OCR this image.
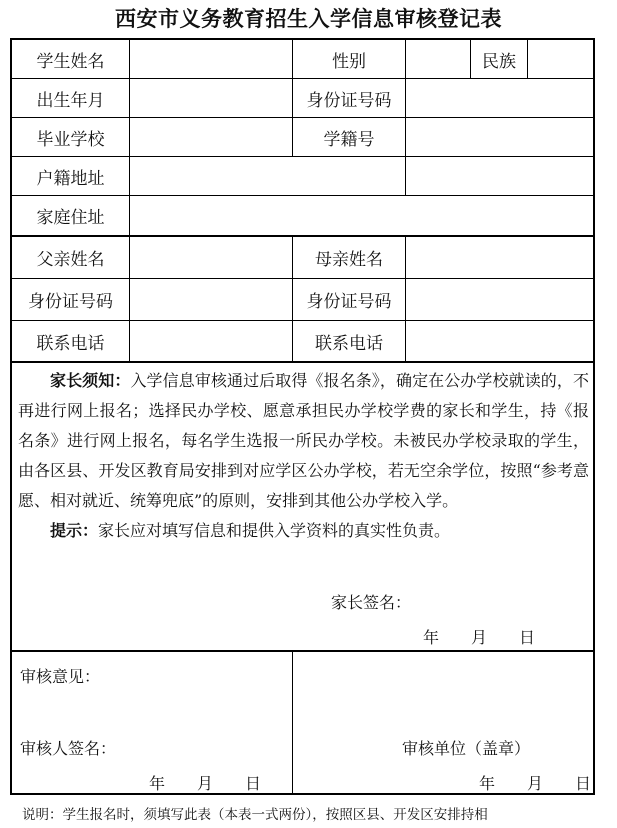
西安市义务教育招生入学信息审核登记表
学生姓名	性别	民族
出生年月	身份证号码
毕业学校	学籍号
户籍地址
家庭住址
父亲姓名	母亲姓名
身份证号码	身份证号码
联系电话	联系电话

家长须知：入学信息审核通过后取得《报名条》，确定在公办学校就读的，不再进行网上报名；选择民办学校、愿意承担民办学校学费的家长和学生，持《报名条》进行网上报名，每名学生选报一所民办学校。未被民办学校录取的学生，由各区县、开发区教育局安排到对应学区公办学校，若无空余学位，按照“参考意愿、相对就近、统筹兜底”的原则，安排到其他公办学校入学。

提示：家长应对填写信息和提供入学资料的真实性负责。

家长签名：
年　　月　　日
审核意见：
审核人签名：
年　　月　　日
审核单位（盖章）
年　　月　　日
说明：学生报名时，须填写此表（本表一式两份），按照区县、开发区安排持相
